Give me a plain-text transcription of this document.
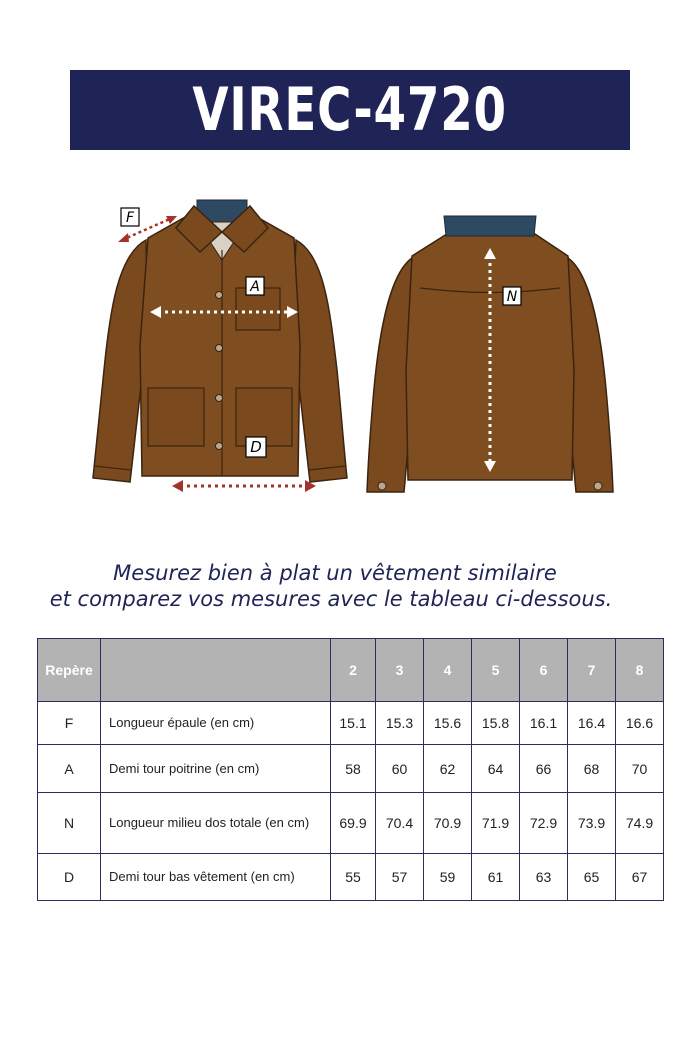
VIREC-4720
F
A
N
D
Mesurez bien à plat un vêtement similaire
et comparez vos mesures avec le tableau ci-dessous.
Repère		2	3	4	5	6	7	8
F	Longueur épaule (en cm)	15.1	15.3	15.6	15.8	16.1	16.4	16.6
A	Demi tour poitrine (en cm)	58	60	62	64	66	68	70
N	Longueur milieu dos totale (en cm)	69.9	70.4	70.9	71.9	72.9	73.9	74.9
D	Demi tour bas vêtement (en cm)	55	57	59	61	63	65	67
